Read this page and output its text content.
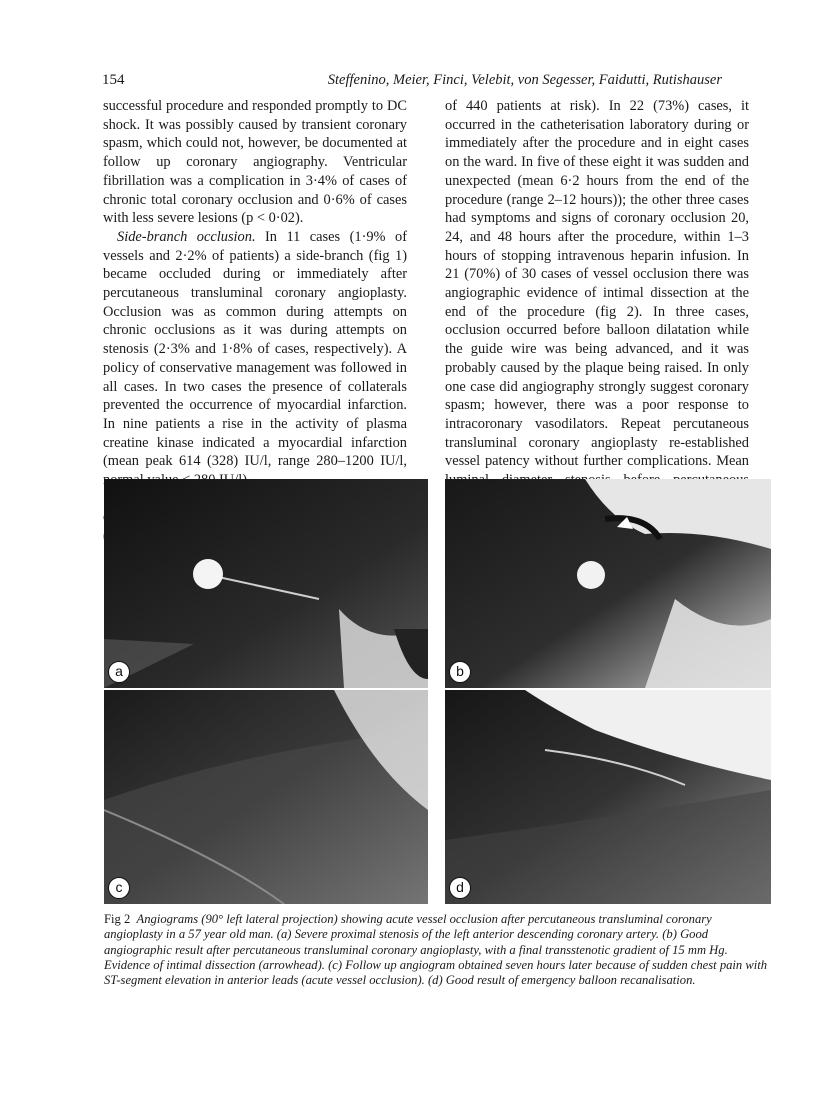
154	Steffenino, Meier, Finci, Velebit, von Segesser, Faidutti, Rutishauser

successful procedure and responded promptly to DC shock. It was possibly caused by transient coronary spasm, which could not, however, be documented at follow up coronary angiography. Ventricular fibrillation was a complication in 3·4% of cases of chronic total coronary occlusion and 0·6% of cases with less severe lesions (p < 0·02).

Side-branch occlusion. In 11 cases (1·9% of vessels and 2·2% of patients) a side-branch (fig 1) became occluded during or immediately after percutaneous transluminal coronary angioplasty. Occlusion was as common during attempts on chronic occlusions as it was during attempts on stenosis (2·3% and 1·8% of cases, respectively). A policy of conservative management was followed in all cases. In two cases the presence of collaterals prevented the occurrence of myocardial infarction. In nine patients a rise in the activity of plasma creatine kinase indicated a myocardial infarction (mean peak 614 (328) IU/l, range 280–1200 IU/l,

of 440 patients at risk). In 22 (73%) cases, it occurred in the catheterisation laboratory during or immediately after the procedure and in eight cases on the ward. In five of these eight it was sudden and unexpected (mean 6·2 hours from the end of the procedure (range 2–12 hours)); the other three cases had symptoms and signs of coronary occlusion 20, 24, and 48 hours after the procedure, within 1–3 hours of stopping intravenous heparin infusion. In 21 (70%) of 30 cases of vessel occlusion there was angiographic evidence of intimal dissection at the end of the procedure (fig 2). In three cases, occlusion occurred before balloon dilatation while the guide wire was being advanced, and it was probably caused by the plaque being raised. In only one case did angiography strongly suggest coronary spasm; however, there was a poor response to intracoronary vasodilators. Repeat percutaneous transluminal coronary angioplasty re-established vessel patency without further complications. Mean

a	b
c	d
Fig 2 Angiograms (90° left lateral projection) showing acute vessel occlusion after percutaneous transluminal coronary angioplasty in a 57 year old man. (a) Severe proximal stenosis of the left anterior descending coronary artery. (b) Good angiographic result after percutaneous transluminal coronary angioplasty, with a final transstenotic gradient of 15 mm Hg. Evidence of intimal dissection (arrowhead). (c) Follow up angiogram obtained seven hours later because of sudden chest pain with ST-segment elevation in anterior leads (acute vessel occlusion). (d) Good result of emergency balloon recanalisation.
